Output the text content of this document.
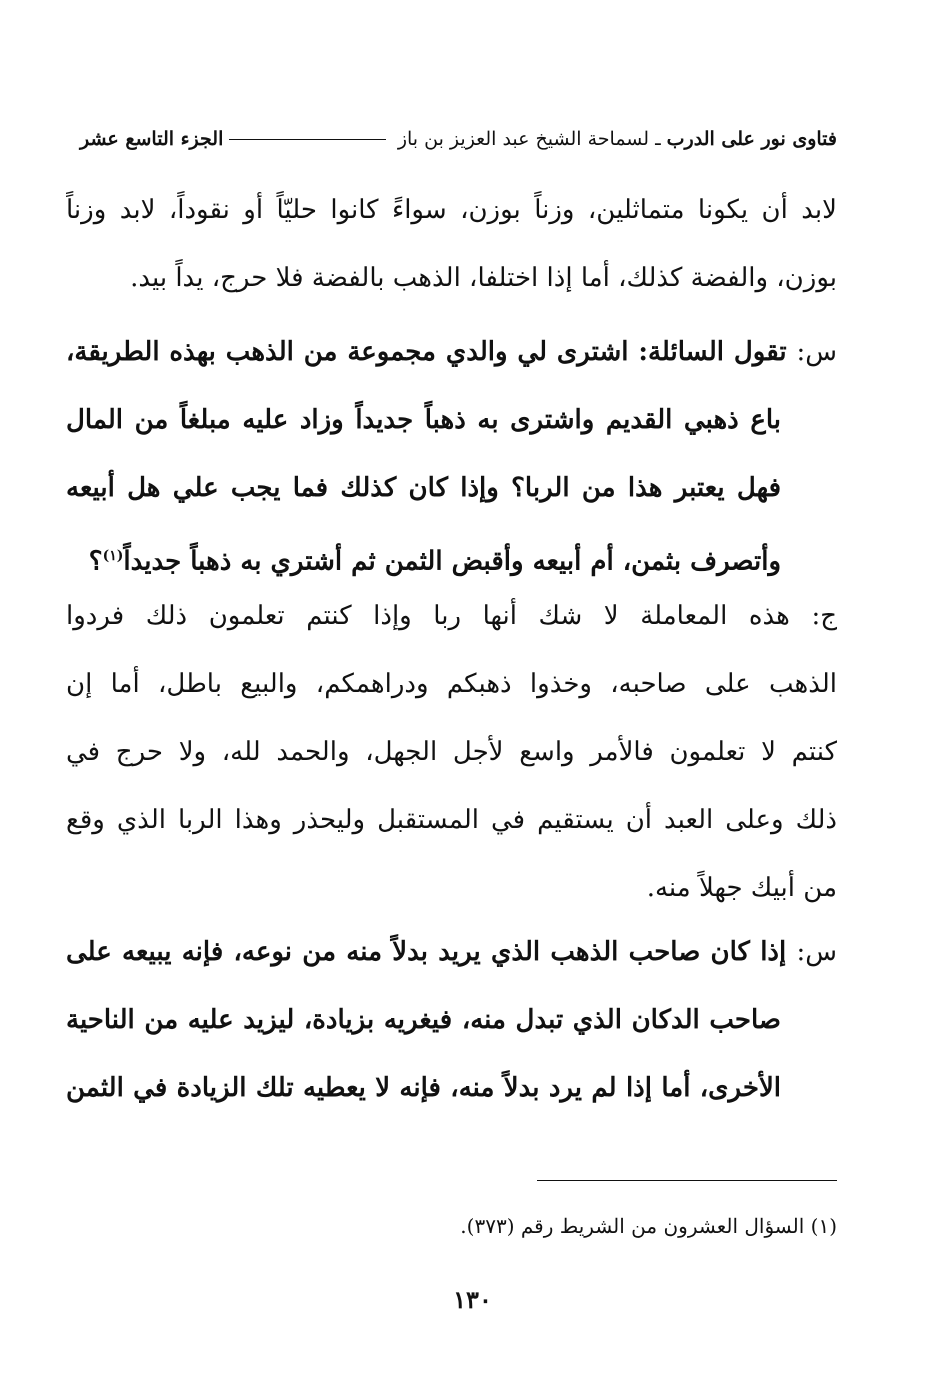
فتاوى نور على الدرب
ـ لسماحة الشيخ عبد العزيز بن باز
الجزء التاسع عشر
لابد أن يكونا متماثلين، وزناً بوزن، سواءً كانوا حليّاً أو نقوداً، لابد وزناً
بوزن، والفضة كذلك، أما إذا اختلفا، الذهب بالفضة فلا حرج، يداً بيد.
س: تقول السائلة: اشترى لي والدي مجموعة من الذهب بهذه الطريقة،
باع ذهبي القديم واشترى به ذهباً جديداً وزاد عليه مبلغاً من المال
فهل يعتبر هذا من الربا؟ وإذا كان كذلك فما يجب علي هل أبيعه
وأتصرف بثمن، أم أبيعه وأقبض الثمن ثم أشتري به ذهباً جديداً$^{(١)}$؟
ج: هذه المعاملة لا شك أنها ربا وإذا كنتم تعلمون ذلك فردوا
الذهب على صاحبه، وخذوا ذهبكم ودراهمكم، والبيع باطل، أما إن
كنتم لا تعلمون فالأمر واسع لأجل الجهل، والحمد لله، ولا حرج في
ذلك وعلى العبد أن يستقيم في المستقبل وليحذر وهذا الربا الذي وقع
من أبيك جهلاً منه.
س: إذا كان صاحب الذهب الذي يريد بدلاً منه من نوعه، فإنه يبيعه على
صاحب الدكان الذي تبدل منه، فيغريه بزيادة، ليزيد عليه من الناحية
الأخرى، أما إذا لم يرد بدلاً منه، فإنه لا يعطيه تلك الزيادة في الثمن
(١) السؤال العشرون من الشريط رقم (٣٧٣).
١٣٠
